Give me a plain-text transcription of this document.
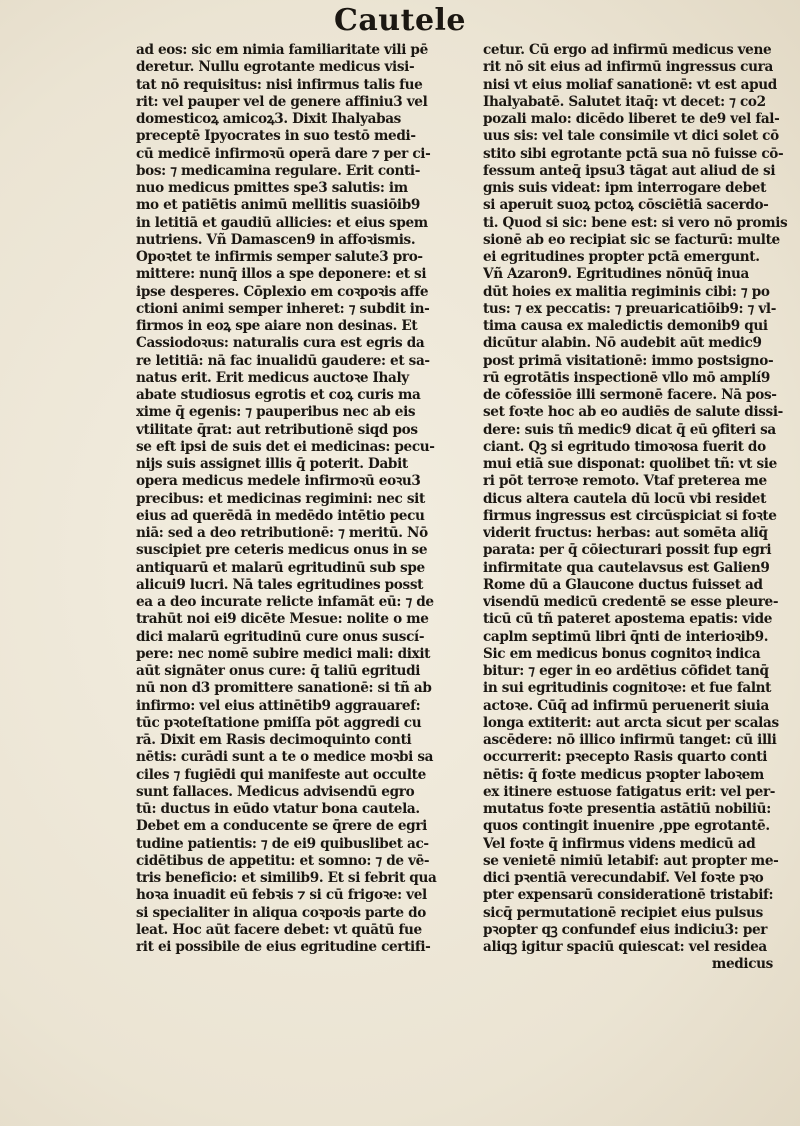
Cautele
ad eos: sic em nimia familiaritate vili pē
deretur. Nullu egrotante medicus visi-
tat nō requisitus: nisi infirmus talis fue
rit: vel pauper vel de genere affiniu3 vel
domesticoꝝ amicoꝝ3. Dixit Ihalyabas
preceptē Ipyocrates in suo testō medi-
cū medicē infirmoꝛū operā dare ⁊ per ci-
bos: ⁊ medicamina regulare. Erit conti-
nuo medicus pmittes spe3 salutis: im
mo et patiētis animū mellitis suasiōib9
in letitiā et gaudiū allicies: et eius spem
nutriens. Vñ Damascen9 in affoꝛismis.
Opoꝛtet te infirmis semper salute3 pro-
mittere: nunq̄ illos a spe deponere: et si
ipse desperes. Cōplexio em coꝛpoꝛis affe
ctioni animi semper inheret: ⁊ subdit in-
firmos in eoꝝ spe aiare non desinas. Et
Cassiodoꝛus: naturalis cura est egris da
re letitiā: nā fac inualidū gaudere: et sa-
natus erit. Erit medicus auctoꝛe Ihaly
abate studiosus egrotis et coꝝ curis ma
xime q̄ egenis: ⁊ pauperibus nec ab eis
vtilitate q̄rat: aut retributionē siqd pos
se eft ipsi de suis det ei medicinas: pecu-
nijs suis assignet illis q̄ poterit. Dabit
opera medicus medele infirmoꝛū eoꝛu3
precibus: et medicinas regimini: nec sit
eius ad querēdā in medēdo intētio pecu
niā: sed a deo retributionē: ⁊ meritū. Nō
suscipiet pre ceteris medicus onus in se
antiquarū et malarū egritudinū sub spe
alicui9 lucri. Nā tales egritudines posst
ea a deo incurate relicte infamāt eū: ⁊ de
trahūt noi ei9 dicēte Mesue: nolite o me
dici malarū egritudinū cure onus suscí-
pere: nec nomē subire medici mali: dixit
aūt signāter onus cure: q̄ taliū egritudi
nū non d3 promittere sanationē: si tñ ab
infirmo: vel eius attinētib9 aggrauaref:
tūc pꝛoteſtatione pmiſſa pōt aggredi cu
rā. Dixit em Rasis decimoquinto conti
nētis: curādi sunt a te o medice moꝛbi sa
ciles ⁊ fugiēdi qui manifeste aut occulte
sunt fallaces. Medicus advisendū egro
tū: ductus in eūdo vtatur bona cautela.
Debet em a conducente se q̄rere de egri
tudine patientis: ⁊ de ei9 quibuslibet ac-
cidētibus de appetitu: et somno: ⁊ de vē-
tris beneficio: et similib9. Et si febrit qua
hoꝛa inuadit eū febꝛis ⁊ si cū frigoꝛe: vel
si specialiter in aliqua coꝛpoꝛis parte do
leat. Hoc aūt facere debet: vt quātū fue
rit ei possibile de eius egritudine certifi-
cetur. Cū ergo ad infirmū medicus vene
rit nō sit eius ad infirmū ingressus cura
nisi vt eius moliaf sanationē: vt est apud
Ihalyabatē. Salutet itaq̄: vt decet: ⁊ co2
pozali malo: dicēdo liberet te de9 vel fal-
uus sis: vel tale consimile vt dici solet cō
stito sibi egrotante pctā sua nō fuisse cō-
fessum anteq̄ ipsu3 tāgat aut aliud de si
gnis suis videat: ipm interrogare debet
si aperuit suoꝝ pctoꝝ cōsciētiā sacerdo-
ti. Quod si sic: bene est: si vero nō promis
sionē ab eo recipiat sic se facturū: multe
ei egritudines propter pctā emergunt.
Vñ Azaron9. Egritudines nōnūq̄ inua
dūt hoies ex malitia regiminis cibi: ⁊ po
tus: ⁊ ex peccatis: ⁊ preuaricatiōib9: ⁊ vl-
tima causa ex maledictis demonib9 qui
dicūtur alabin. Nō audebit aūt medic9
post primā visitationē: immo postsigno-
rū egrotātis inspectionē vllo mō amplí9
de cōfessiōe illi sermonē facere. Nā pos-
set foꝛte hoc ab eo audiēs de salute dissi-
dere: suis tñ medic9 dicat q̄ eū ꝯfiteri sa
ciant. Qꝫ si egritudo timoꝛosa fuerit do
mui etiā sue disponat: quolibet tñ: vt sie
ri pōt terroꝛe remoto. Vtaf preterea me
dicus altera cautela dū locū vbi residet
firmus ingressus est circūspiciat si foꝛte
viderit fructus: herbas: aut somēta aliq̄
parata: per q̄ cōiecturari possit fup egri
infirmitate qua cautelavsus est Galien9
Rome dū a Glaucone ductus fuisset ad
visendū medicū credentē se esse pleure-
ticū cū tñ pateret apostema epatis: vide
caplm septimū libri q̄nti de interioꝛib9.
Sic em medicus bonus cognitoꝛ indica
bitur: ⁊ eger in eo ardētius cōfidet tanq̄
in sui egritudinis cognitoꝛe: et fue falnt
actoꝛe. Cūq̄ ad infirmū peruenerit siuia
longa extiterit: aut arcta sicut per scalas
ascēdere: nō illico infirmū tanget: cū illi
occurrerit: pꝛecepto Rasis quarto conti
nētis: q̄ foꝛte medicus pꝛopter laboꝛem
ex itinere estuose fatigatus erit: vel per-
mutatus foꝛte presentia astātiū nobiliū:
quos contingit inuenire ,ppe egrotantē.
Vel foꝛte q̄ infirmus videns medicū ad
se venietē nimiū letabif: aut propter me-
dici pꝛentiā verecundabif. Vel foꝛte pꝛo
pter expensarū considerationē tristabif:
sicq̄ permutationē recipiet eius pulsus
pꝛopter qꝫ confundef eius indiciu3: per
aliqꝫ igitur spaciū quiescat: vel residea
medicus
